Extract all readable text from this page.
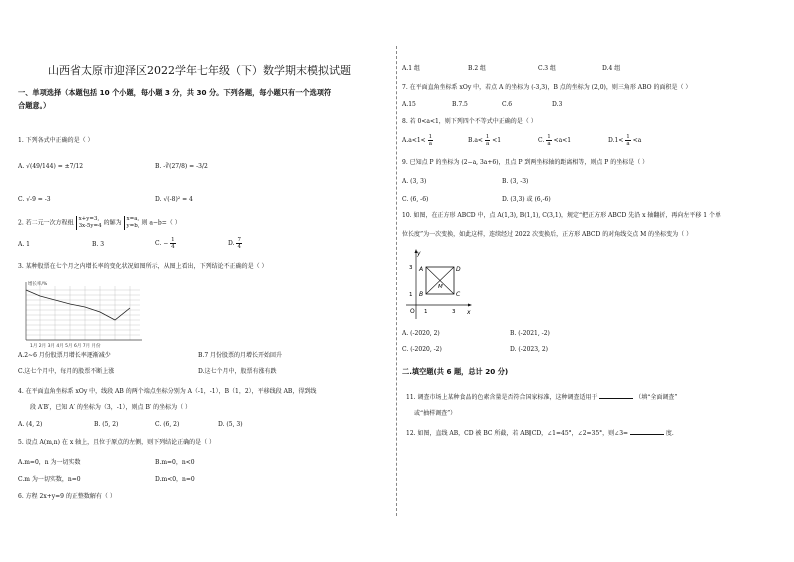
山西省太原市迎泽区2022学年七年级（下）数学期末模拟试题
一、单项选择（本题包括 10 个小题，每小题 3 分，共 30 分。下列各题，每小题只有一个选项符
合题意。）
1. 下列各式中正确的是（ ）
A. √(49/144) = ±7/12	B. -∛(27/8) = -3/2
C. √-9 = -3	D. √(-8)² = 4
2. 若二元一次方程组
x+y=3,
3x-5y=4 的解为
x=a,
y=b, 则 a−b=（ ）
A. 1	B. 3	C. − $\frac{1}{4}$	D. $\frac{7}{4}$
3. 某种股票在七个月之内增长率的变化状况如图所示，从图上看出，下列结论不正确的是（ ）
增长率/%
1月 2月 3月 4月 5月 6月 7月 月份
A.2~6 月份股票月增长率逐渐减少	B.7 月份股票的月增长开始回升
C.这七个月中，每月的股票不断上涨	D.这七个月中，股票有涨有跌
4. 在平面直角坐标系 xOy 中，线段 AB 的两个端点坐标分别为 A（-1，-1），B（1，2），平移线段 AB，得到线
段 A′B′，已知 A′ 的坐标为（3，-1），则点 B′ 的坐标为（ ）
A. (4, 2)	B. (5, 2)	C. (6, 2)	D. (5, 3)
5. 设点 A(m,n) 在 x 轴上，且位于原点的左侧，则下列结论正确的是（ ）
A.m=0，n 为一切实数	B.m=0，n<0
C.m 为一切实数，n=0	D.m<0，n=0
6. 方程 2x+y=9 的正整数解有（ ）
A.1 组	B.2 组	C.3 组	D.4 组
7. 在平面直角坐标系 xOy 中，若点 A 的坐标为 (-3,3)，B 点的坐标为 (2,0)，则三角形 ABO 的面积是（ ）
A.15	B.7.5	C.6	D.3
8. 若 0<a<1，则下列四个不等式中正确的是（ ）
$A.a<1< \frac{1}{a}$	$B.a< \frac{1}{a} <1$	C. $\frac{1}{a} <a<1$	$D.1< \frac{1}{a} <a$
9. 已知点 P 的坐标为 (2−a, 3a+6)，且点 P 到两坐标轴的距离相等，则点 P 的坐标是（ ）
A. (3, 3)	B. (3, -3)
C. (6, -6)	D. (3,3) 或 (6,-6)
10. 如图，在正方形 ABCD 中，点 A(1,3), B(1,1), C(3,1)，规定“把正方形 ABCD 先沿 x 轴翻折，再向左平移 1 个单
位长度”为一次变换，如此这样，连续经过 2022 次变换后，正方形 ABCD 的对角线交点 M 的坐标变为（ ）
y
x
O 1	3
3
1
A
B	C
D
M
A. (-2020, 2)	B. (-2021, -2)
C. (-2020, -2)	D. (-2023, 2)
二.填空题(共 6 题，总计 20 分)
11. 调查市场上某种食品的色素含量是否符合国家标准，这种调查适用于	（填“全面调查”
或“抽样调查”）
12. 如图，直线 AB，CD 被 BC 所截，若 AB∥CD，∠1=45°，∠2=35°，则∠3=	度.
